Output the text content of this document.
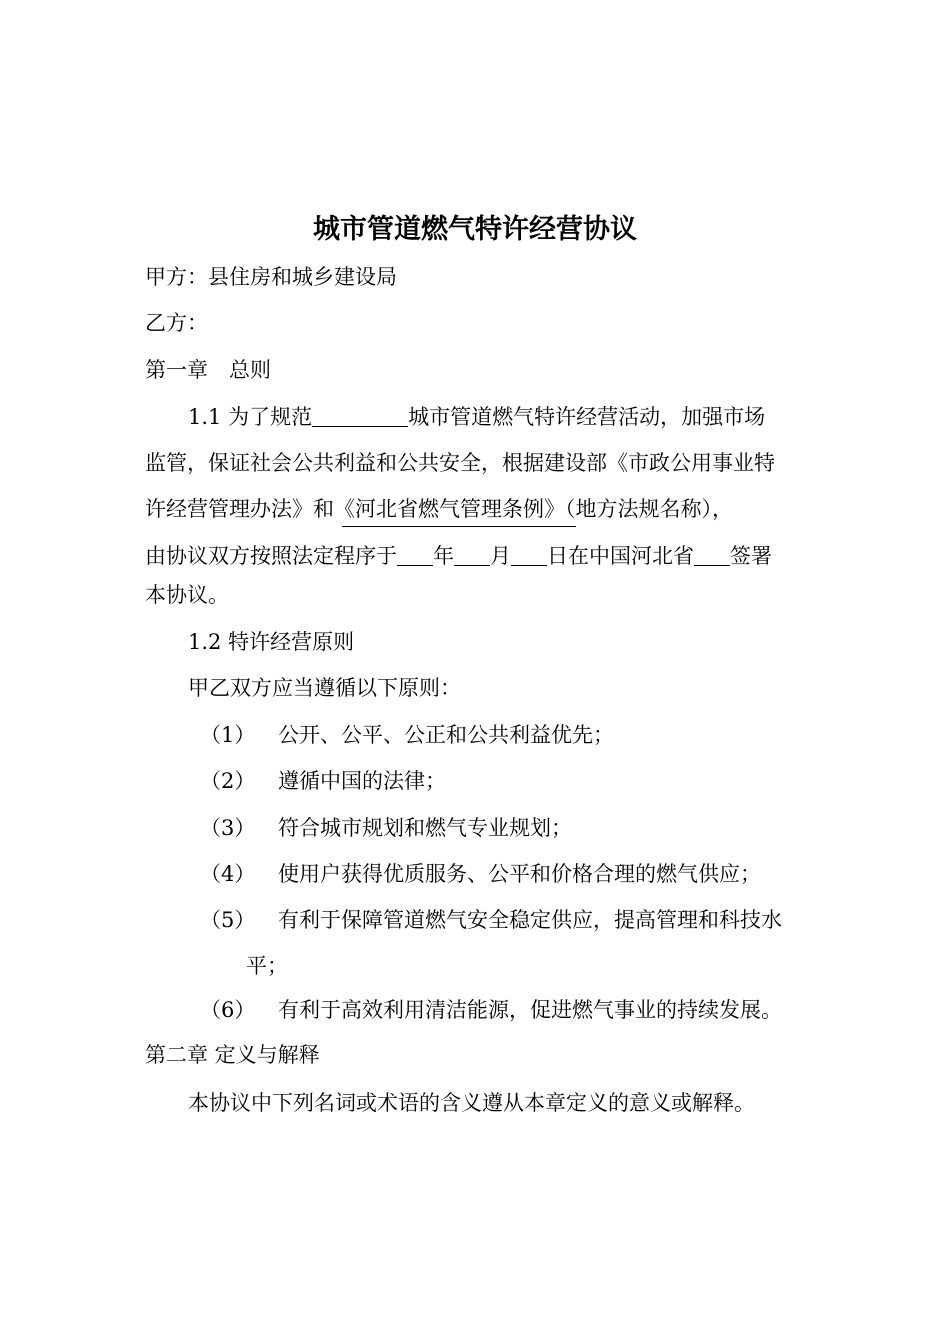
城市管道燃气特许经营协议
甲方：县住房和城乡建设局
乙方：
第一章　总则
1.1 为了规范	城市管道燃气特许经营活动，加强市场
监管，保证社会公共利益和公共安全，根据建设部《市政公用事业特
许经营管理办法》和《河北省燃气管理条例》（地方法规名称），
由协议双方按照法定程序于 年 月 日在中国河北省 签署
本协议。
1.2 特许经营原则
甲乙双方应当遵循以下原则：
（1） 公开、公平、公正和公共利益优先；
（2） 遵循中国的法律；
（3） 符合城市规划和燃气专业规划；
（4） 使用户获得优质服务、公平和价格合理的燃气供应；
（5） 有利于保障管道燃气安全稳定供应，提高管理和科技水
平；
（6） 有利于高效利用清洁能源，促进燃气事业的持续发展。
第二章 定义与解释
本协议中下列名词或术语的含义遵从本章定义的意义或解释。
